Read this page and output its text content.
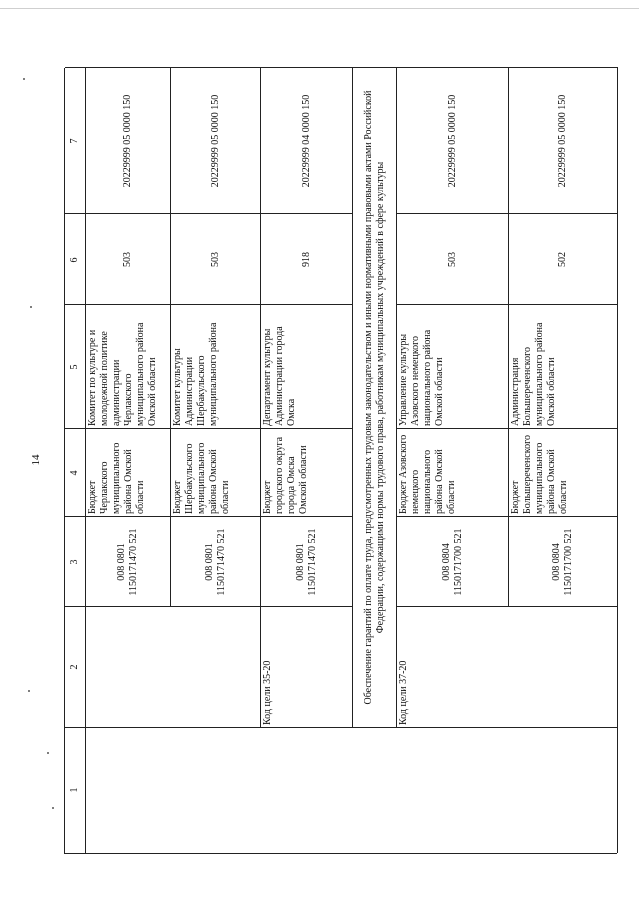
14
1
2
3
4
5
6
7
008 0801 1150171470 521
Бюджет Черлакского муниципального района Омской области
Комитет по культуре и молодежной политике администрации Черлакского муниципального района Омской области
503
20229999 05 0000 150
008 0801 1150171470 521
Бюджет Шербакульского муниципального района Омской области
Комитет культуры Администрации Шербакульского муниципального района
503
20229999 05 0000 150
Код цели 35-20
008 0801 1150171470 521
Бюджет городского округа города Омска Омской области
Департамент культуры Администрации города Омска
918
20229999 04 0000 150	Обеспечение гарантий по оплате труда, предусмотренных трудовым законодательством и иными нормативными правовыми актами Российской Федерации, содержащими нормы трудового права, работникам муниципальных учреждений в сфере культуры
Код цели 37-20
008 0804 1150171700 521
Бюджет Азовского немецкого национального района Омской области
Управление культуры Азовского немецкого национального района Омской области
503
20229999 05 0000 150
008 0804 1150171700 521
Бюджет Большереченского муниципального района Омской области
Администрация Большереченского муниципального района Омской области
502
20229999 05 0000 150
